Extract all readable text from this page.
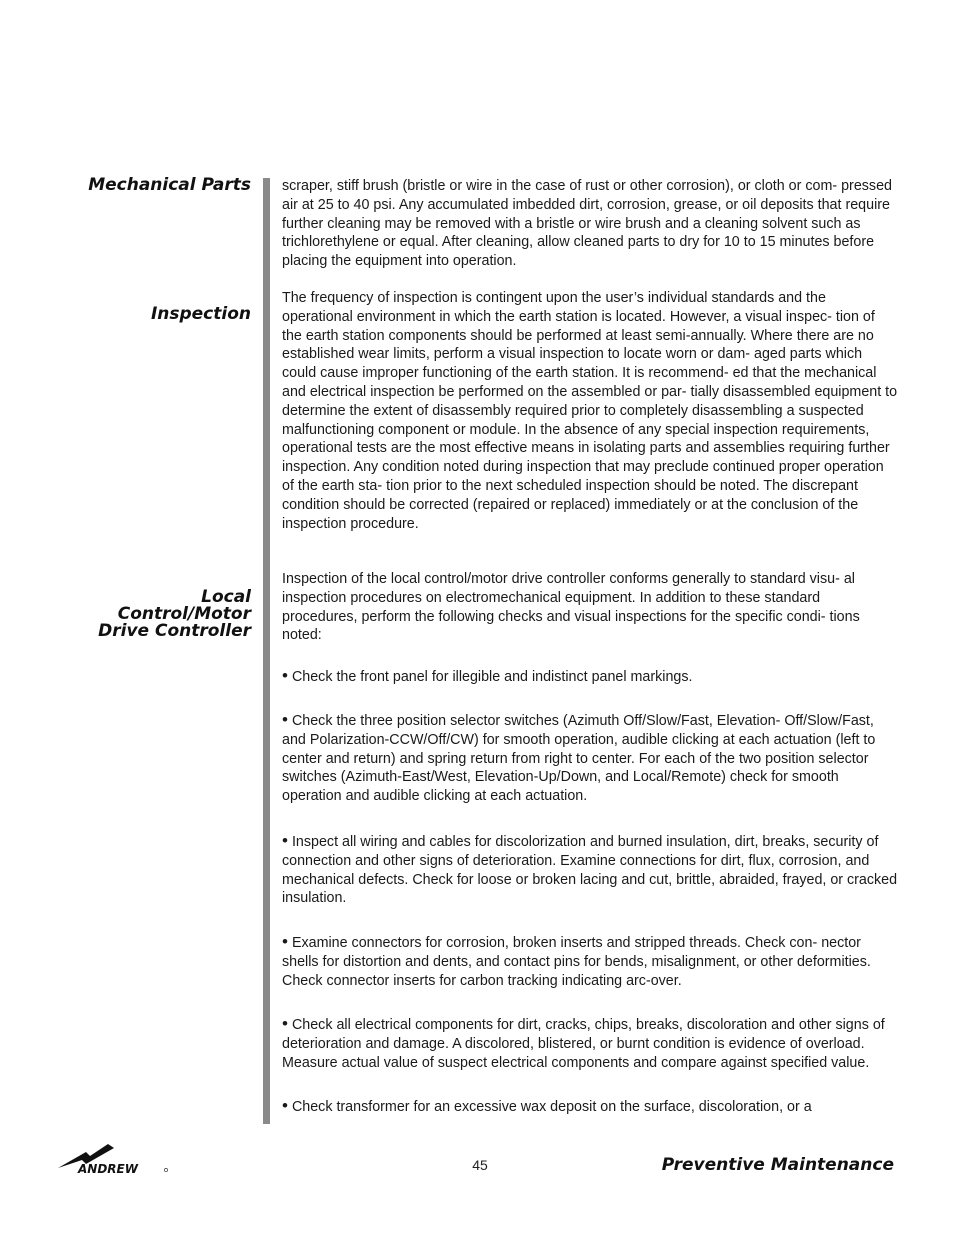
Mechanical Parts
Inspection
Local
Control/Motor
Drive Controller

scraper, stiff brush (bristle or wire in the case of rust or other corrosion), or cloth or com- pressed air at 25 to 40 psi. Any accumulated imbedded dirt, corrosion, grease, or oil deposits that require further cleaning may be removed with a bristle or wire brush and a cleaning solvent such as trichlorethylene or equal. After cleaning, allow cleaned parts to dry for 10 to 15 minutes before placing the equipment into operation.

The frequency of inspection is contingent upon the user’s individual standards and the operational environment in which the earth station is located. However, a visual inspec- tion of the earth station components should be performed at least semi-annually. Where there are no established wear limits, perform a visual inspection to locate worn or dam- aged parts which could cause improper functioning of the earth station. It is recommend- ed that the mechanical and electrical inspection be performed on the assembled or par- tially disassembled equipment to determine the extent of disassembly required prior to completely disassembling a suspected malfunctioning component or module. In the absence of any special inspection requirements, operational tests are the most effective means in isolating parts and assemblies requiring further inspection. Any condition noted during inspection that may preclude continued proper operation of the earth sta- tion prior to the next scheduled inspection should be noted. The discrepant condition should be corrected (repaired or replaced) immediately or at the conclusion of the inspection procedure.

Inspection of the local control/motor drive controller conforms generally to standard visu- al inspection procedures on electromechanical equipment. In addition to these standard procedures, perform the following checks and visual inspections for the specific condi- tions noted:

• Check the front panel for illegible and indistinct panel markings.
• Check the three position selector switches (Azimuth Off/Slow/Fast, Elevation- Off/Slow/Fast, and Polarization-CCW/Off/CW) for smooth operation, audible clicking at each actuation (left to center and return) and spring return from right to center. For each of the two position selector switches (Azimuth-East/West, Elevation-Up/Down, and Local/Remote) check for smooth operation and audible clicking at each actuation.
• Inspect all wiring and cables for discolorization and burned insulation, dirt, breaks, security of connection and other signs of deterioration. Examine connections for dirt, flux, corrosion, and mechanical defects. Check for loose or broken lacing and cut, brittle, abraided, frayed, or cracked insulation.
• Examine connectors for corrosion, broken inserts and stripped threads. Check con- nector shells for distortion and dents, and contact pins for bends, misalignment, or other deformities. Check connector inserts for carbon tracking indicating arc-over.
• Check all electrical components for dirt, cracks, chips, breaks, discoloration and other signs of deterioration and damage. A discolored, blistered, or burnt condition is evidence of overload. Measure actual value of suspect electrical components and compare against specified value.
• Check transformer for an excessive wax deposit on the surface, discoloration, or a
ANDREW	45	Preventive Maintenance
